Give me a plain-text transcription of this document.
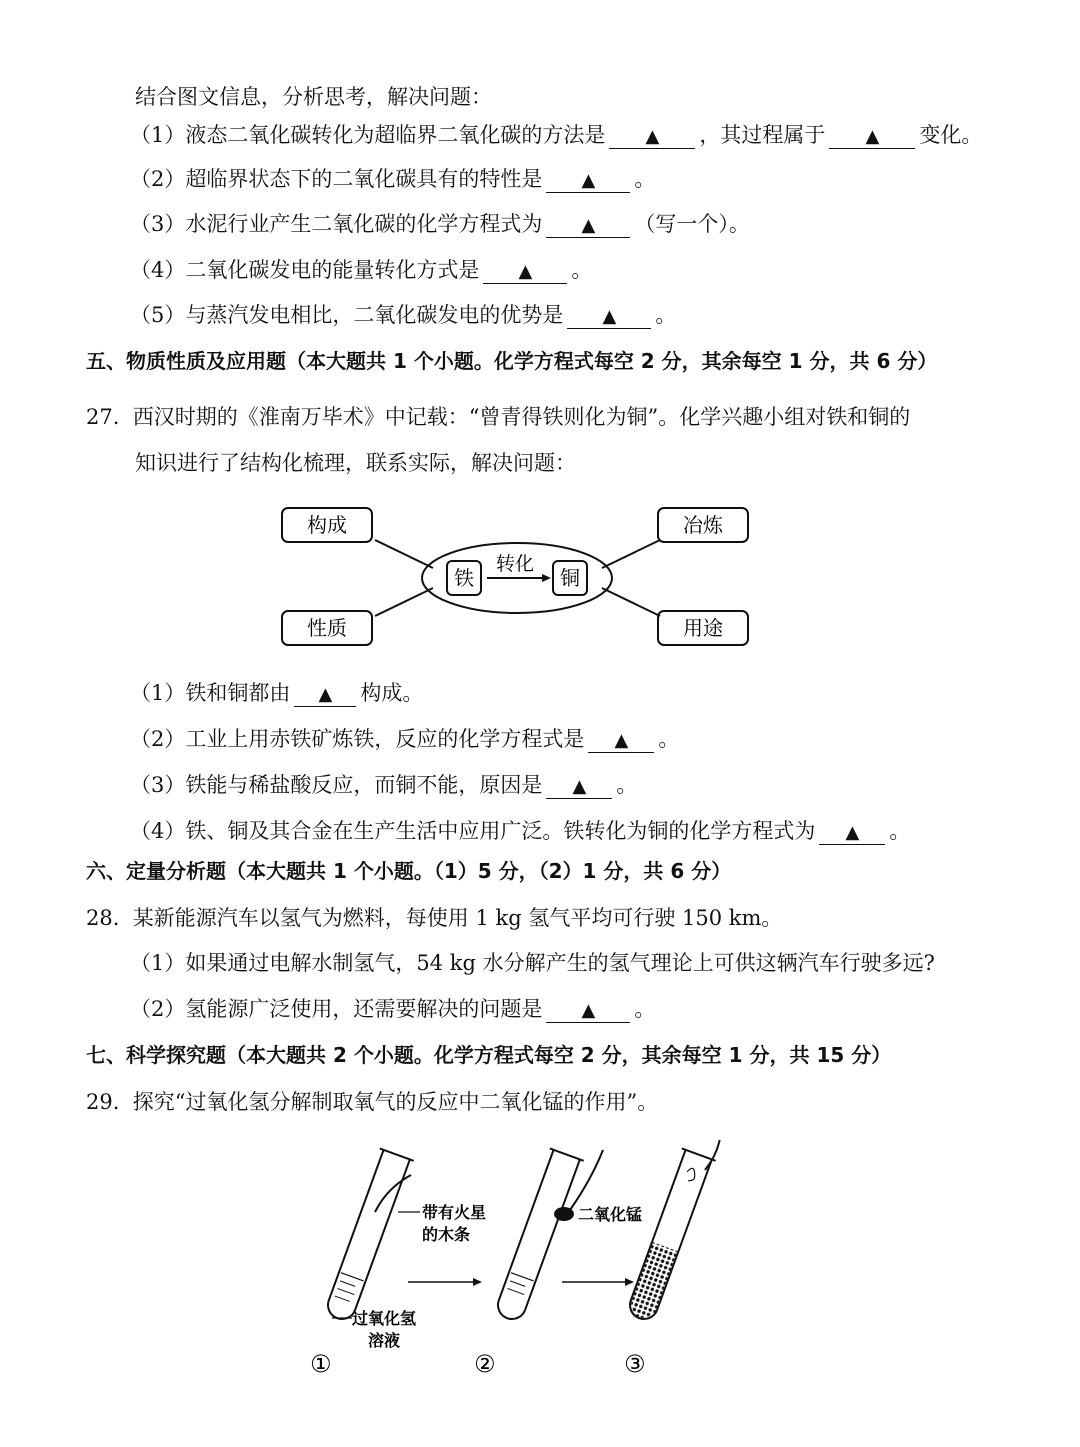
结合图文信息，分析思考，解决问题：
（1）液态二氧化碳转化为超临界二氧化碳的方法是 ▲ ，其过程属于 ▲ 变化。
（2）超临界状态下的二氧化碳具有的特性是 ▲ 。
（3）水泥行业产生二氧化碳的化学方程式为 ▲ （写一个）。
（4）二氧化碳发电的能量转化方式是 ▲ 。
（5）与蒸汽发电相比，二氧化碳发电的优势是 ▲ 。
五、物质性质及应用题（本大题共 1 个小题。化学方程式每空 2 分，其余每空 1 分，共 6 分）
27. 西汉时期的《淮南万毕术》中记载：“曾青得铁则化为铜”。化学兴趣小组对铁和铜的
知识进行了结构化梳理，联系实际，解决问题：
构成
性质
冶炼
用途
铁	铜
转化
（1）铁和铜都由 ▲ 构成。
（2）工业上用赤铁矿炼铁，反应的化学方程式是 ▲ 。
（3）铁能与稀盐酸反应，而铜不能，原因是 ▲ 。
（4）铁、铜及其合金在生产生活中应用广泛。铁转化为铜的化学方程式为 ▲ 。
六、定量分析题（本大题共 1 个小题。（1）5 分，（2）1 分，共 6 分）
28. 某新能源汽车以氢气为燃料，每使用 1 kg 氢气平均可行驶 150 km。
（1）如果通过电解水制氢气，54 kg 水分解产生的氢气理论上可供这辆汽车行驶多远?
（2）氢能源广泛使用，还需要解决的问题是 ▲ 。
七、科学探究题（本大题共 2 个小题。化学方程式每空 2 分，其余每空 1 分，共 15 分）
29. 探究“过氧化氢分解制取氧气的反应中二氧化锰的作用”。
带有火星
的木条
过氧化氢
溶液
二氧化锰
①	②	③
